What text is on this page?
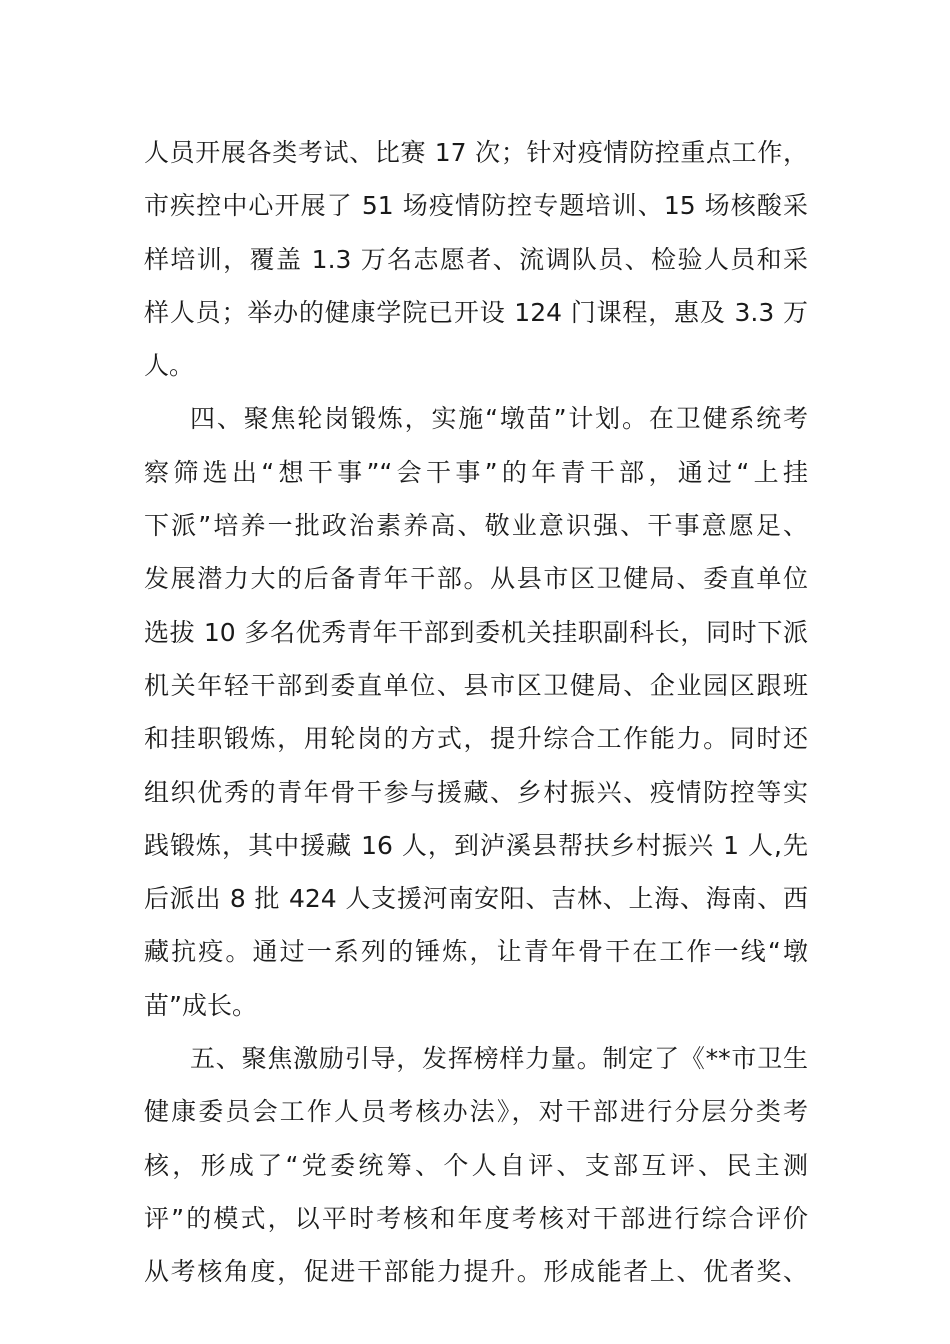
人员开展各类考试、比赛 17 次；针对疫情防控重点工作，
市疾控中心开展了 51 场疫情防控专题培训、15 场核酸采
样培训，覆盖 1.3 万名志愿者、流调队员、检验人员和采
样人员；举办的健康学院已开设 124 门课程，惠及 3.3 万
人。
四、聚焦轮岗锻炼，实施“墩苗”计划。在卫健系统考
察筛选出“想干事”“会干事”的年青干部，通过“上挂
下派”培养一批政治素养高、敬业意识强、干事意愿足、
发展潜力大的后备青年干部。从县市区卫健局、委直单位
选拔 10 多名优秀青年干部到委机关挂职副科长，同时下派
机关年轻干部到委直单位、县市区卫健局、企业园区跟班
和挂职锻炼，用轮岗的方式，提升综合工作能力。同时还
组织优秀的青年骨干参与援藏、乡村振兴、疫情防控等实
践锻炼，其中援藏 16 人，到泸溪县帮扶乡村振兴 1 人,先
后派出 8 批 424 人支援河南安阳、吉林、上海、海南、西
藏抗疫。通过一系列的锤炼，让青年骨干在工作一线“墩
苗”成长。
五、聚焦激励引导，发挥榜样力量。制定了《**市卫生
健康委员会工作人员考核办法》，对干部进行分层分类考
核，形成了“党委统筹、个人自评、支部互评、民主测
评”的模式，以平时考核和年度考核对干部进行综合评价
从考核角度，促进干部能力提升。形成能者上、优者奖、
